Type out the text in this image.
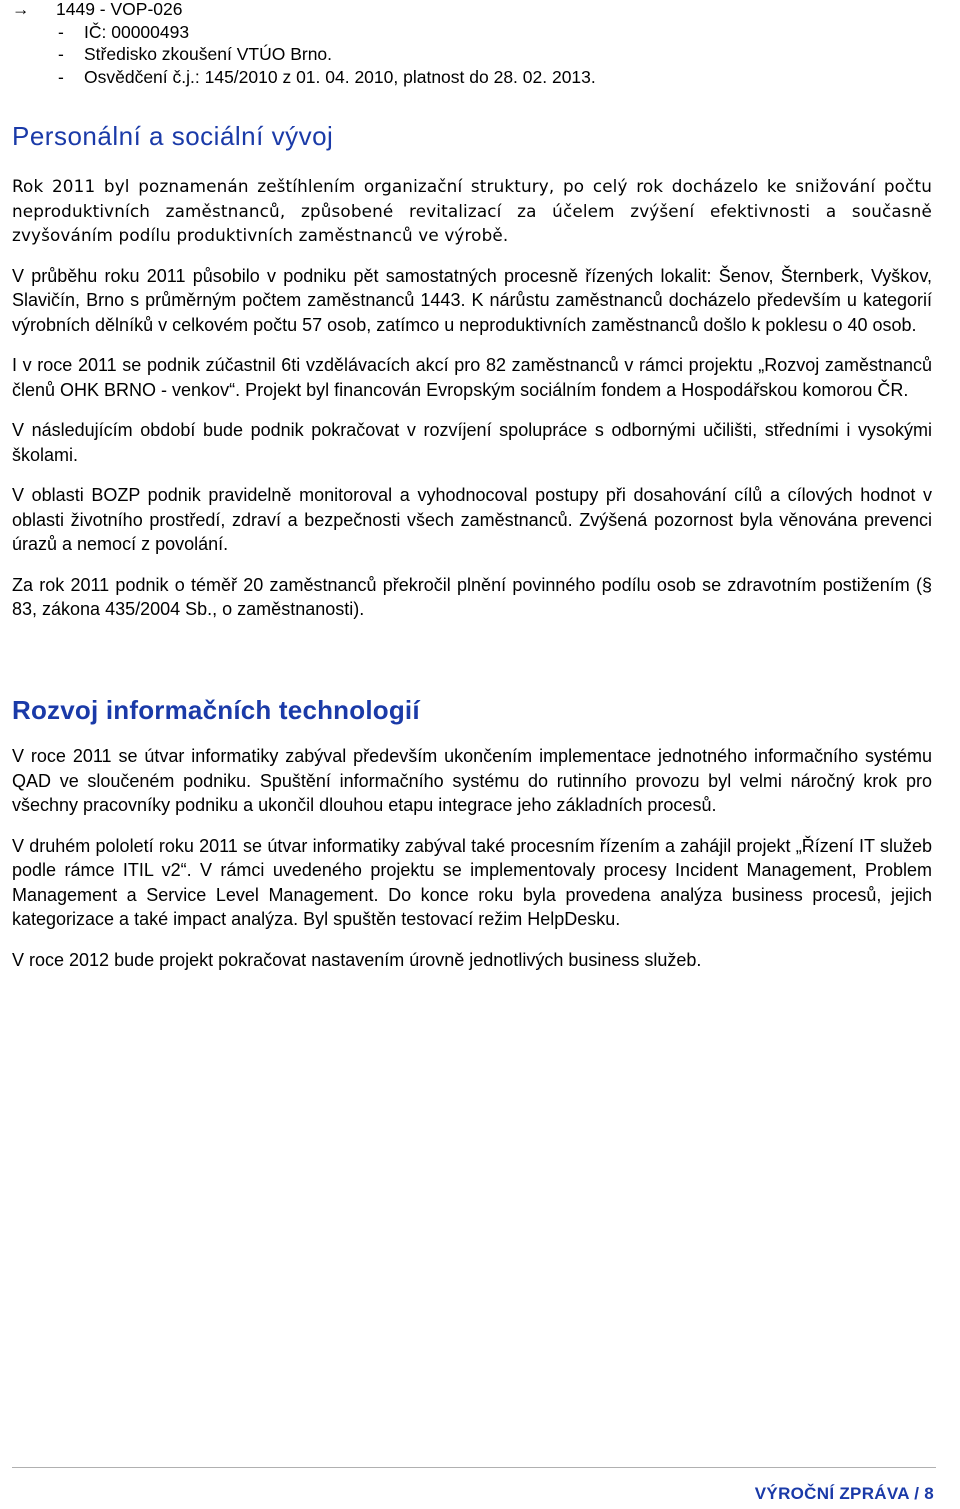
→	1449 - VOP-026
-	IČ: 00000493
-	Středisko zkoušení VTÚO Brno.
-	Osvědčení č.j.: 145/2010 z 01. 04. 2010, platnost do 28. 02. 2013.
Personální a sociální vývoj

Rok 2011 byl poznamenán zeštíhlením organizační struktury, po celý rok docházelo ke snižování počtu neproduktivních zaměstnanců, způsobené revitalizací za účelem zvýšení efektivnosti a současně zvyšováním podílu produktivních zaměstnanců ve výrobě.

V průběhu roku 2011 působilo v podniku pět samostatných procesně řízených lokalit: Šenov, Šternberk, Vyškov, Slavičín, Brno s průměrným počtem zaměstnanců 1443. K nárůstu zaměstnanců docházelo především u kategorií výrobních dělníků v celkovém počtu 57 osob, zatímco u neproduktivních zaměstnanců došlo k poklesu o 40 osob.

I v roce 2011 se podnik zúčastnil 6ti vzdělávacích akcí pro 82 zaměstnanců v rámci projektu „Rozvoj zaměstnanců členů OHK BRNO - venkov“. Projekt byl financován Evropským sociálním fondem a Hospodářskou komorou ČR.

V následujícím období bude podnik pokračovat v rozvíjení spolupráce s odbornými učilišti, středními i vysokými školami.

V oblasti BOZP podnik pravidelně monitoroval a vyhodnocoval postupy při dosahování cílů a cílových hodnot v oblasti životního prostředí, zdraví a bezpečnosti všech zaměstnanců. Zvýšená pozornost byla věnována prevenci úrazů a nemocí z povolání.

Za rok 2011 podnik o téměř 20 zaměstnanců překročil plnění povinného podílu osob se zdravotním postižením (§ 83, zákona 435/2004 Sb., o zaměstnanosti).

Rozvoj informačních technologií

V roce 2011 se útvar informatiky zabýval především ukončením implementace jednotného informačního systému QAD ve sloučeném podniku. Spuštění informačního systému do rutinního provozu byl velmi náročný krok pro všechny pracovníky podniku a ukončil dlouhou etapu integrace jeho základních procesů.

V druhém pololetí roku 2011 se útvar informatiky zabýval také procesním řízením a zahájil projekt „Řízení IT služeb podle rámce ITIL v2“. V rámci uvedeného projektu se implementovaly procesy Incident Management, Problem Management a Service Level Management. Do konce roku byla provedena analýza business procesů, jejich kategorizace a také impact analýza. Byl spuštěn testovací režim HelpDesku.

V roce 2012 bude projekt pokračovat nastavením úrovně jednotlivých business služeb.

VÝROČNÍ ZPRÁVA / 8
